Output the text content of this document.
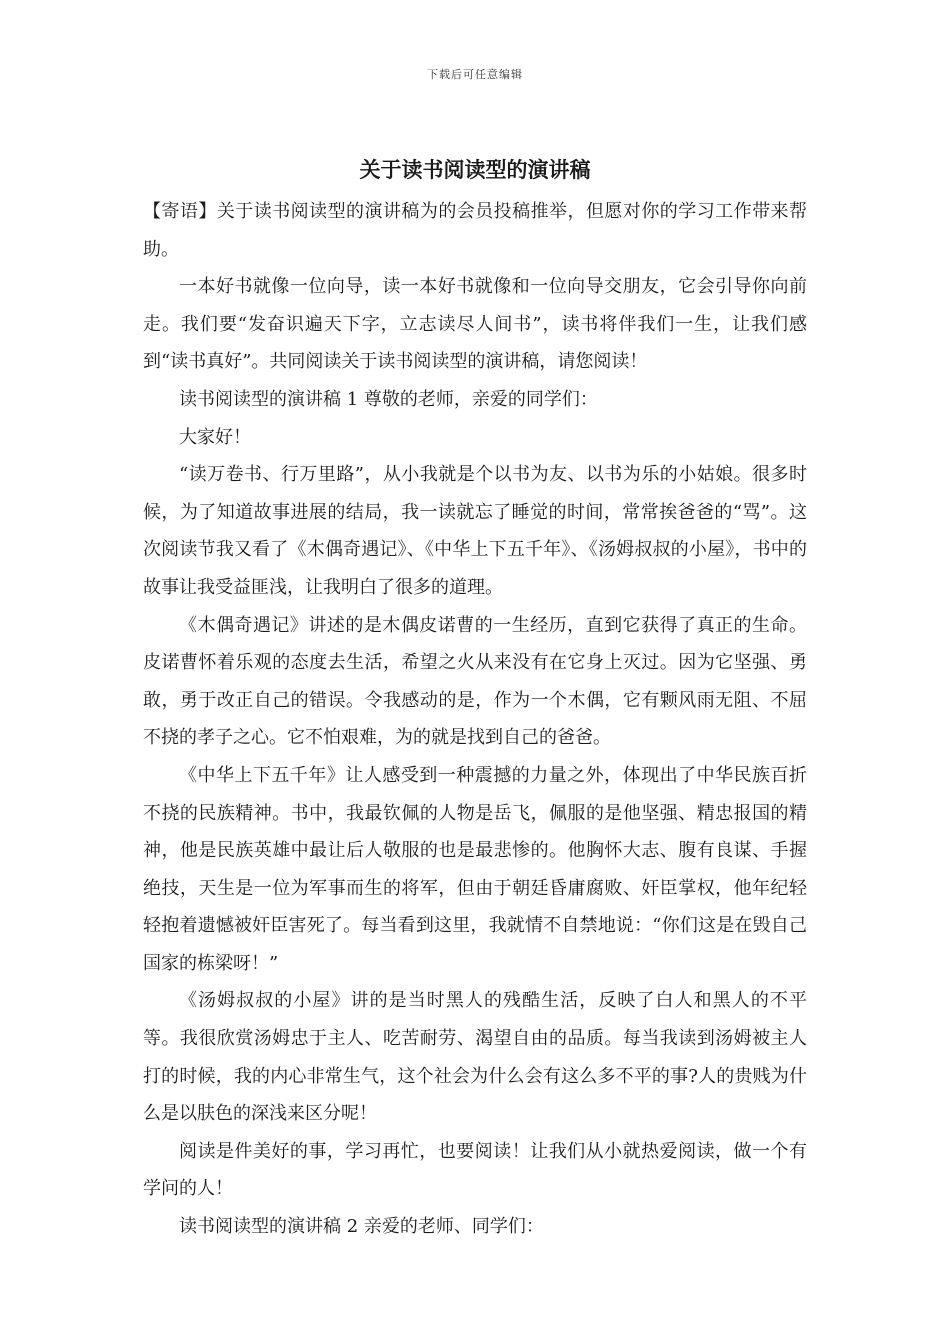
下载后可任意编辑
关于读书阅读型的演讲稿

【寄语】关于读书阅读型的演讲稿为的会员投稿推举，但愿对你的学习工作带来帮助。

一本好书就像一位向导，读一本好书就像和一位向导交朋友，它会引导你向前走。我们要“发奋识遍天下字，立志读尽人间书”，读书将伴我们一生，让我们感到“读书真好”。共同阅读关于读书阅读型的演讲稿，请您阅读！

读书阅读型的演讲稿 1 尊敬的老师，亲爱的同学们：

大家好！

“读万卷书、行万里路”，从小我就是个以书为友、以书为乐的小姑娘。很多时候，为了知道故事进展的结局，我一读就忘了睡觉的时间，常常挨爸爸的“骂”。这次阅读节我又看了《木偶奇遇记》、《中华上下五千年》、《汤姆叔叔的小屋》，书中的故事让我受益匪浅，让我明白了很多的道理。

《木偶奇遇记》讲述的是木偶皮诺曹的一生经历，直到它获得了真正的生命。皮诺曹怀着乐观的态度去生活，希望之火从来没有在它身上灭过。因为它坚强、勇敢，勇于改正自己的错误。令我感动的是，作为一个木偶，它有颗风雨无阻、不屈不挠的孝子之心。它不怕艰难，为的就是找到自己的爸爸。

《中华上下五千年》让人感受到一种震撼的力量之外，体现出了中华民族百折不挠的民族精神。书中，我最钦佩的人物是岳飞，佩服的是他坚强、精忠报国的精神，他是民族英雄中最让后人敬服的也是最悲惨的。他胸怀大志、腹有良谋、手握绝技，天生是一位为军事而生的将军，但由于朝廷昏庸腐败、奸臣掌权，他年纪轻轻抱着遗憾被奸臣害死了。每当看到这里，我就情不自禁地说：“你们这是在毁自己国家的栋梁呀！”

《汤姆叔叔的小屋》讲的是当时黑人的残酷生活，反映了白人和黑人的不平等。我很欣赏汤姆忠于主人、吃苦耐劳、渴望自由的品质。每当我读到汤姆被主人打的时候，我的内心非常生气，这个社会为什么会有这么多不平的事?人的贵贱为什么是以肤色的深浅来区分呢！

阅读是件美好的事，学习再忙，也要阅读！让我们从小就热爱阅读，做一个有学问的人！

读书阅读型的演讲稿 2 亲爱的老师、同学们：
